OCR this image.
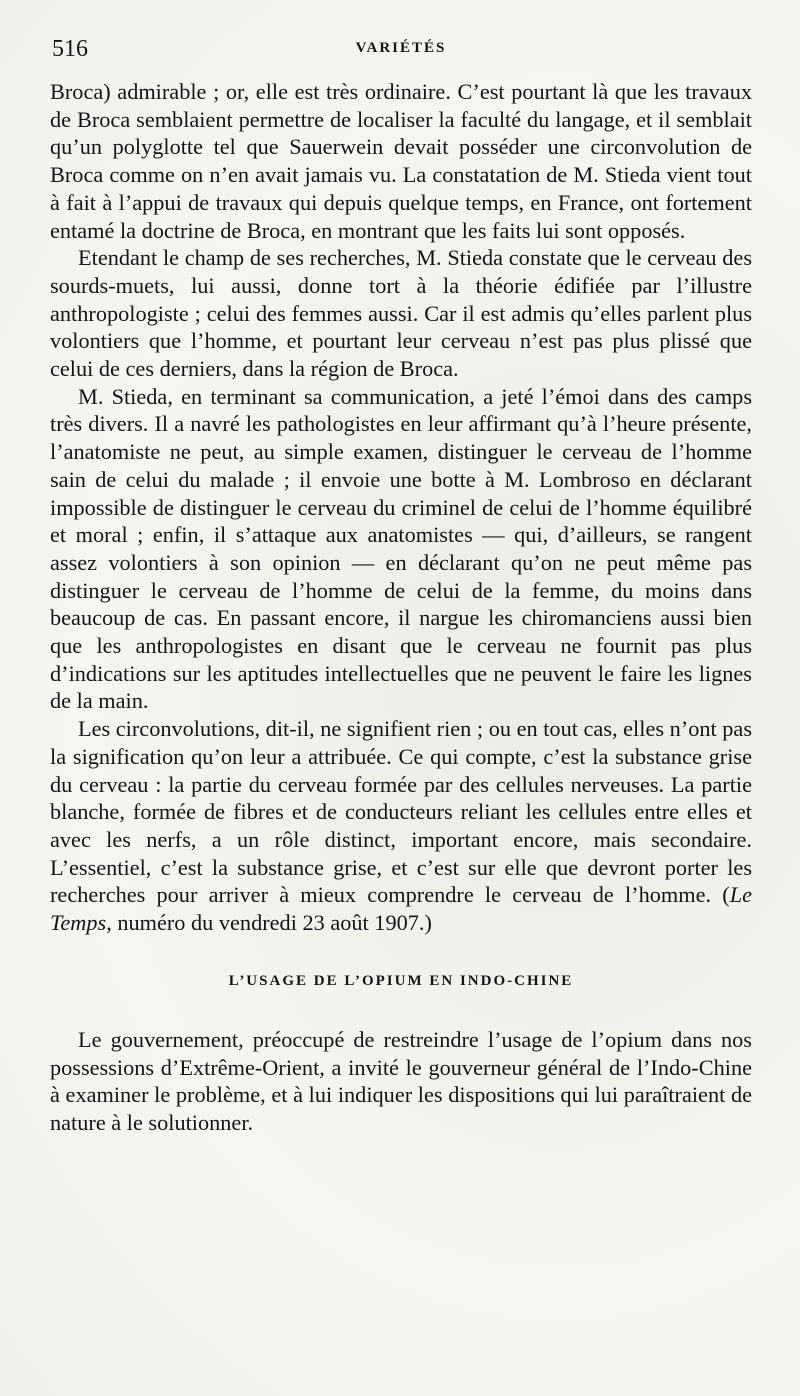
516	VARIÉTÉS

Broca) admirable ; or, elle est très ordinaire. C’est pourtant là que les travaux de Broca semblaient permettre de localiser la faculté du langage, et il semblait qu’un polyglotte tel que Sauerwein devait posséder une circonvolution de Broca comme on n’en avait jamais vu. La constatation de M. Stieda vient tout à fait à l’appui de travaux qui depuis quelque temps, en France, ont fortement entamé la doctrine de Broca, en montrant que les faits lui sont opposés.

Etendant le champ de ses recherches, M. Stieda constate que le cerveau des sourds-muets, lui aussi, donne tort à la théorie édifiée par l’illustre anthropologiste ; celui des femmes aussi. Car il est admis qu’elles parlent plus volontiers que l’homme, et pourtant leur cerveau n’est pas plus plissé que celui de ces derniers, dans la région de Broca.

M. Stieda, en terminant sa communication, a jeté l’émoi dans des camps très divers. Il a navré les pathologistes en leur affirmant qu’à l’heure présente, l’anatomiste ne peut, au simple examen, distinguer le cerveau de l’homme sain de celui du malade ; il envoie une botte à M. Lombroso en déclarant impossible de distinguer le cerveau du criminel de celui de l’homme équilibré et moral ; enfin, il s’attaque aux anatomistes — qui, d’ailleurs, se rangent assez volontiers à son opinion — en déclarant qu’on ne peut même pas distinguer le cerveau de l’homme de celui de la femme, du moins dans beaucoup de cas. En passant encore, il nargue les chiromanciens aussi bien que les anthropologistes en disant que le cerveau ne fournit pas plus d’indications sur les aptitudes intellectuelles que ne peuvent le faire les lignes de la main.

Les circonvolutions, dit-il, ne signifient rien ; ou en tout cas, elles n’ont pas la signification qu’on leur a attribuée. Ce qui compte, c’est la substance grise du cerveau : la partie du cerveau formée par des cellules nerveuses. La partie blanche, formée de fibres et de conducteurs reliant les cellules entre elles et avec les nerfs, a un rôle distinct, important encore, mais secondaire. L’essentiel, c’est la substance grise, et c’est sur elle que devront porter les recherches pour arriver à mieux comprendre le cerveau de l’homme. (Le Temps, numéro du vendredi 23 août 1907.)

L’USAGE DE L’OPIUM EN INDO-CHINE

Le gouvernement, préoccupé de restreindre l’usage de l’opium dans nos possessions d’Extrême-Orient, a invité le gouverneur général de l’Indo-Chine à examiner le problème, et à lui indiquer les dispositions qui lui paraîtraient de nature à le solutionner.
